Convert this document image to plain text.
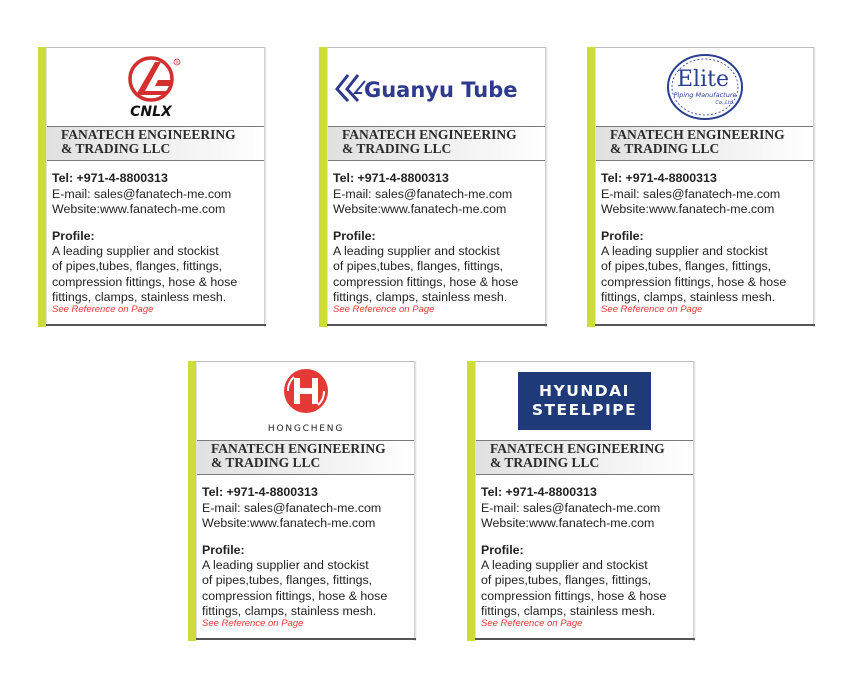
R
CNLX
FANATECH ENGINEERING
& TRADING LLC
Tel: +971-4-8800313
E-mail: sales@fanatech-me.com
Website:www.fanatech-me.com
Profile:
A leading supplier and stockist
of pipes,tubes, flanges, fittings,
compression fittings, hose & hose
fittings, clamps, stainless mesh.
See Reference on Page
Guanyu Tube
FANATECH ENGINEERING
& TRADING LLC
Tel: +971-4-8800313
E-mail: sales@fanatech-me.com
Website:www.fanatech-me.com
Profile:
A leading supplier and stockist
of pipes,tubes, flanges, fittings,
compression fittings, hose & hose
fittings, clamps, stainless mesh.
See Reference on Page
Elite
Piping Manufacture
Co.,Ltd.
FANATECH ENGINEERING
& TRADING LLC
Tel: +971-4-8800313
E-mail: sales@fanatech-me.com
Website:www.fanatech-me.com
Profile:
A leading supplier and stockist
of pipes,tubes, flanges, fittings,
compression fittings, hose & hose
fittings, clamps, stainless mesh.
See Reference on Page
HONGCHENG
FANATECH ENGINEERING
& TRADING LLC
Tel: +971-4-8800313
E-mail: sales@fanatech-me.com
Website:www.fanatech-me.com
Profile:
A leading supplier and stockist
of pipes,tubes, flanges, fittings,
compression fittings, hose & hose
fittings, clamps, stainless mesh.
See Reference on Page
HYUNDAI
STEELPIPE
FANATECH ENGINEERING
& TRADING LLC
Tel: +971-4-8800313
E-mail: sales@fanatech-me.com
Website:www.fanatech-me.com
Profile:
A leading supplier and stockist
of pipes,tubes, flanges, fittings,
compression fittings, hose & hose
fittings, clamps, stainless mesh.
See Reference on Page
